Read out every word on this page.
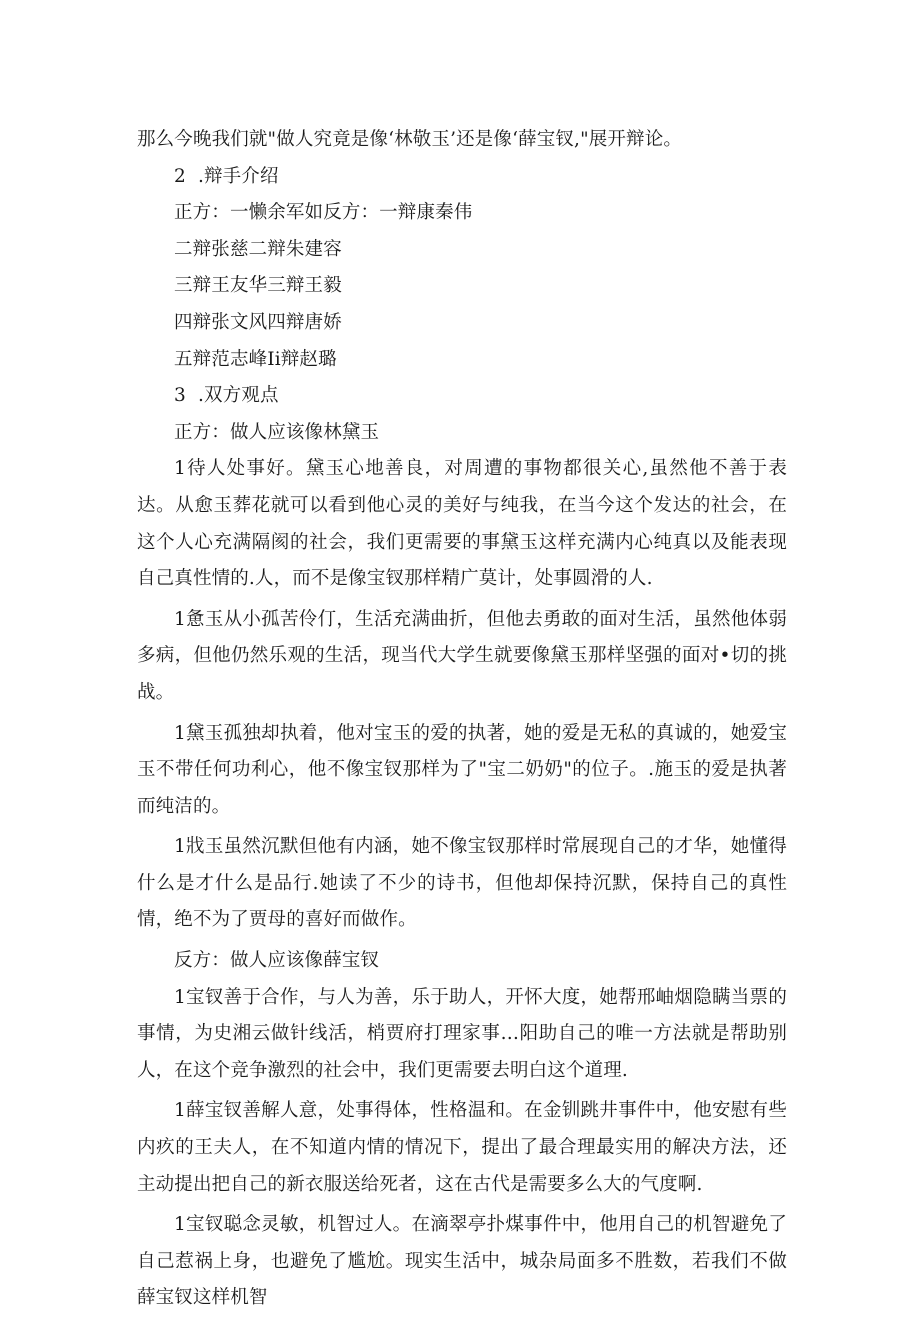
那么今晚我们就"做人究竟是像‘林敬玉’还是像‘薛宝钗,"展开辩论。

2  .辩手介绍

正方：一懒余军如反方：一辩康秦伟

二辩张慈二辩朱建容

三辩王友华三辩王毅

四辩张文风四辩唐娇

五辩范志峰Ii辩赵璐

3  .双方观点

正方：做人应该像林黛玉

1待人处事好。黛玉心地善良，对周遭的事物都很关心,虽然他不善于表达。从愈玉葬花就可以看到他心灵的美好与纯我，在当今这个发达的社会，在这个人心充满隔阂的社会，我们更需要的事黛玉这样充满内心纯真以及能表现自己真性情的.人，而不是像宝钗那样精广莫计，处事圆滑的人.

1惫玉从小孤苦伶仃，生活充满曲折，但他去勇敢的面对生活，虽然他体弱多病，但他仍然乐观的生活，现当代大学生就要像黛玉那样坚强的面对•切的挑战。

1黛玉孤独却执着，他对宝玉的爱的执著，她的爱是无私的真诚的，她爱宝玉不带任何功利心，他不像宝钗那样为了"宝二奶奶"的位子。.施玉的爱是执著而纯洁的。

1戕玉虽然沉默但他有内涵，她不像宝钗那样时常展现自己的才华，她懂得什么是才什么是品行.她读了不少的诗书，但他却保持沉默，保持自己的真性情，绝不为了贾母的喜好而做作。

反方：做人应该像薛宝钗

1宝钗善于合作，与人为善，乐于助人，开怀大度，她帮邢岫烟隐瞒当票的事情，为史湘云做针线活，梢贾府打理家事…阳助自己的唯一方法就是帮助别人，在这个竞争激烈的社会中，我们更需要去明白这个道理.

1薛宝钗善解人意，处事得体，性格温和。在金钏跳井事件中，他安慰有些内疚的王夫人，在不知道内情的情况下，提出了最合理最实用的解决方法，还主动提出把自己的新衣服送给死者，这在古代是需要多么大的气度啊.

1宝钗聪念灵敏，机智过人。在滴翠亭扑煤事件中，他用自己的机智避免了自己惹祸上身，也避免了尴尬。现实生活中，城杂局面多不胜数，若我们不做薛宝钗这样机智
